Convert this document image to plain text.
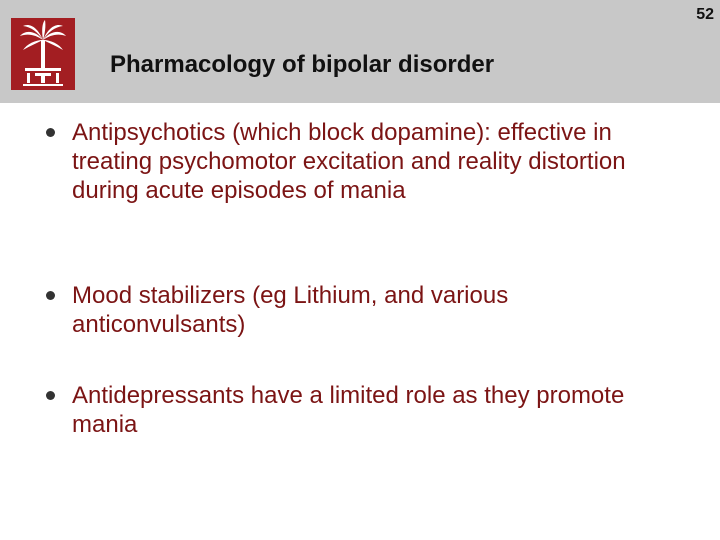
Pharmacology of bipolar disorder
52
Antipsychotics (which block dopamine): effective in treating psychomotor excitation and reality distortion during acute episodes of mania
Mood stabilizers (eg Lithium, and various anticonvulsants)
Antidepressants have a limited role as they promote mania
